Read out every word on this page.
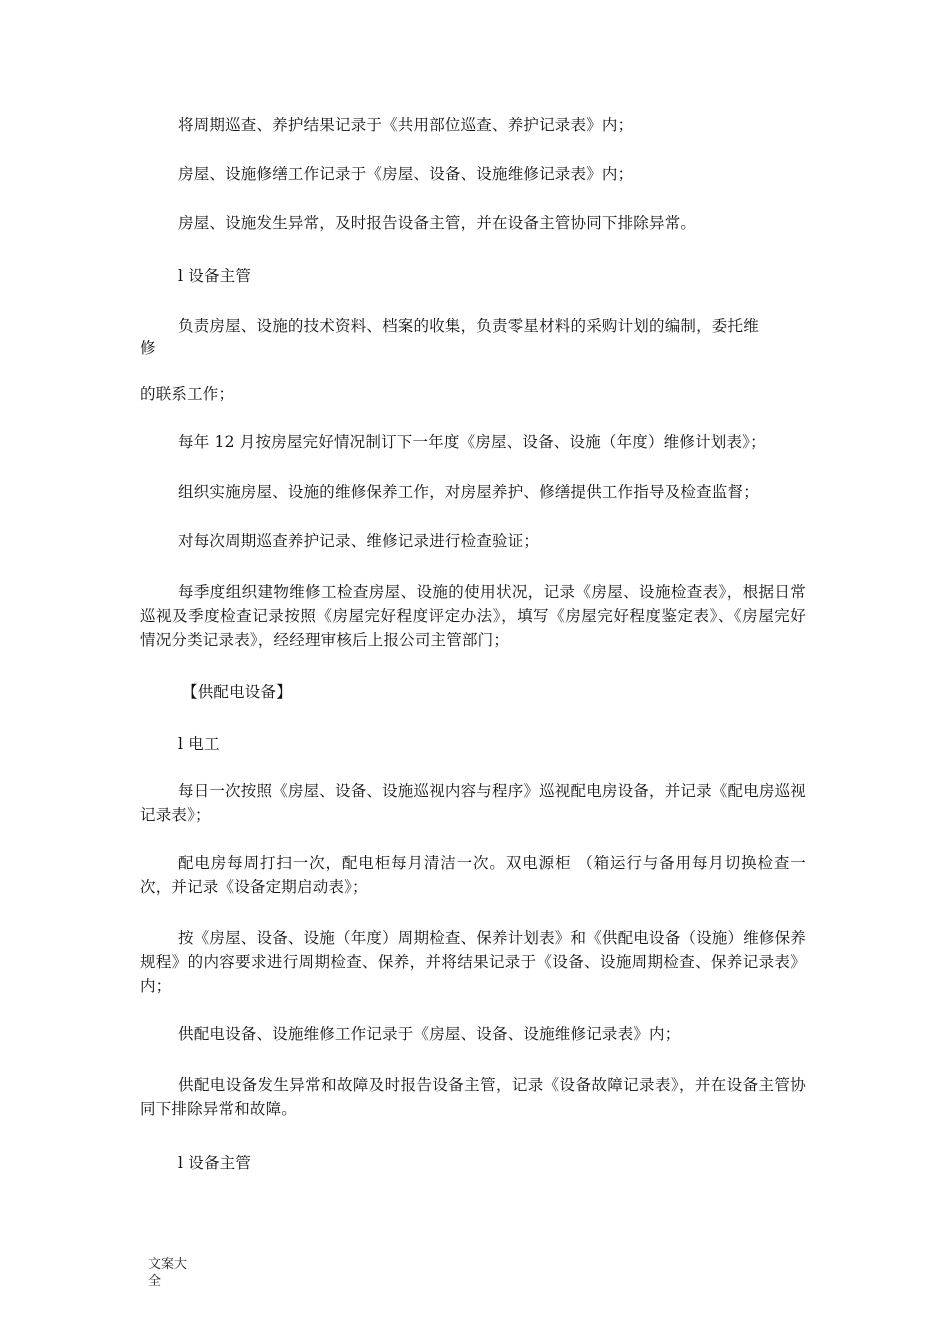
将周期巡查、养护结果记录于《共用部位巡查、养护记录表》内；

房屋、设施修缮工作记录于《房屋、设备、设施维修记录表》内；

房屋、设施发生异常，及时报告设备主管，并在设备主管协同下排除异常。

l 设备主管

负责房屋、设施的技术资料、档案的收集，负责零星材料的采购计划的编制，委托维

修

的联系工作；

每年 12 月按房屋完好情况制订下一年度《房屋、设备、设施（年度）维修计划表》；

组织实施房屋、设施的维修保养工作，对房屋养护、修缮提供工作指导及检查监督；

对每次周期巡查养护记录、维修记录进行检查验证；

每季度组织建物维修工检查房屋、设施的使用状况，记录《房屋、设施检查表》，根据日常巡视及季度检查记录按照《房屋完好程度评定办法》，填写《房屋完好程度鉴定表》、《房屋完好情况分类记录表》，经经理审核后上报公司主管部门；

【供配电设备】

l 电工

每日一次按照《房屋、设备、设施巡视内容与程序》巡视配电房设备，并记录《配电房巡视记录表》；

配电房每周打扫一次，配电柜每月清洁一次。双电源柜 （箱运行与备用每月切换检查一次，并记录《设备定期启动表》；

按《房屋、设备、设施（年度）周期检查、保养计划表》和《供配电设备（设施）维修保养规程》的内容要求进行周期检查、保养，并将结果记录于《设备、设施周期检查、保养记录表》内；

供配电设备、设施维修工作记录于《房屋、设备、设施维修记录表》内；

供配电设备发生异常和故障及时报告设备主管，记录《设备故障记录表》，并在设备主管协同下排除异常和故障。

l 设备主管

文案大全
